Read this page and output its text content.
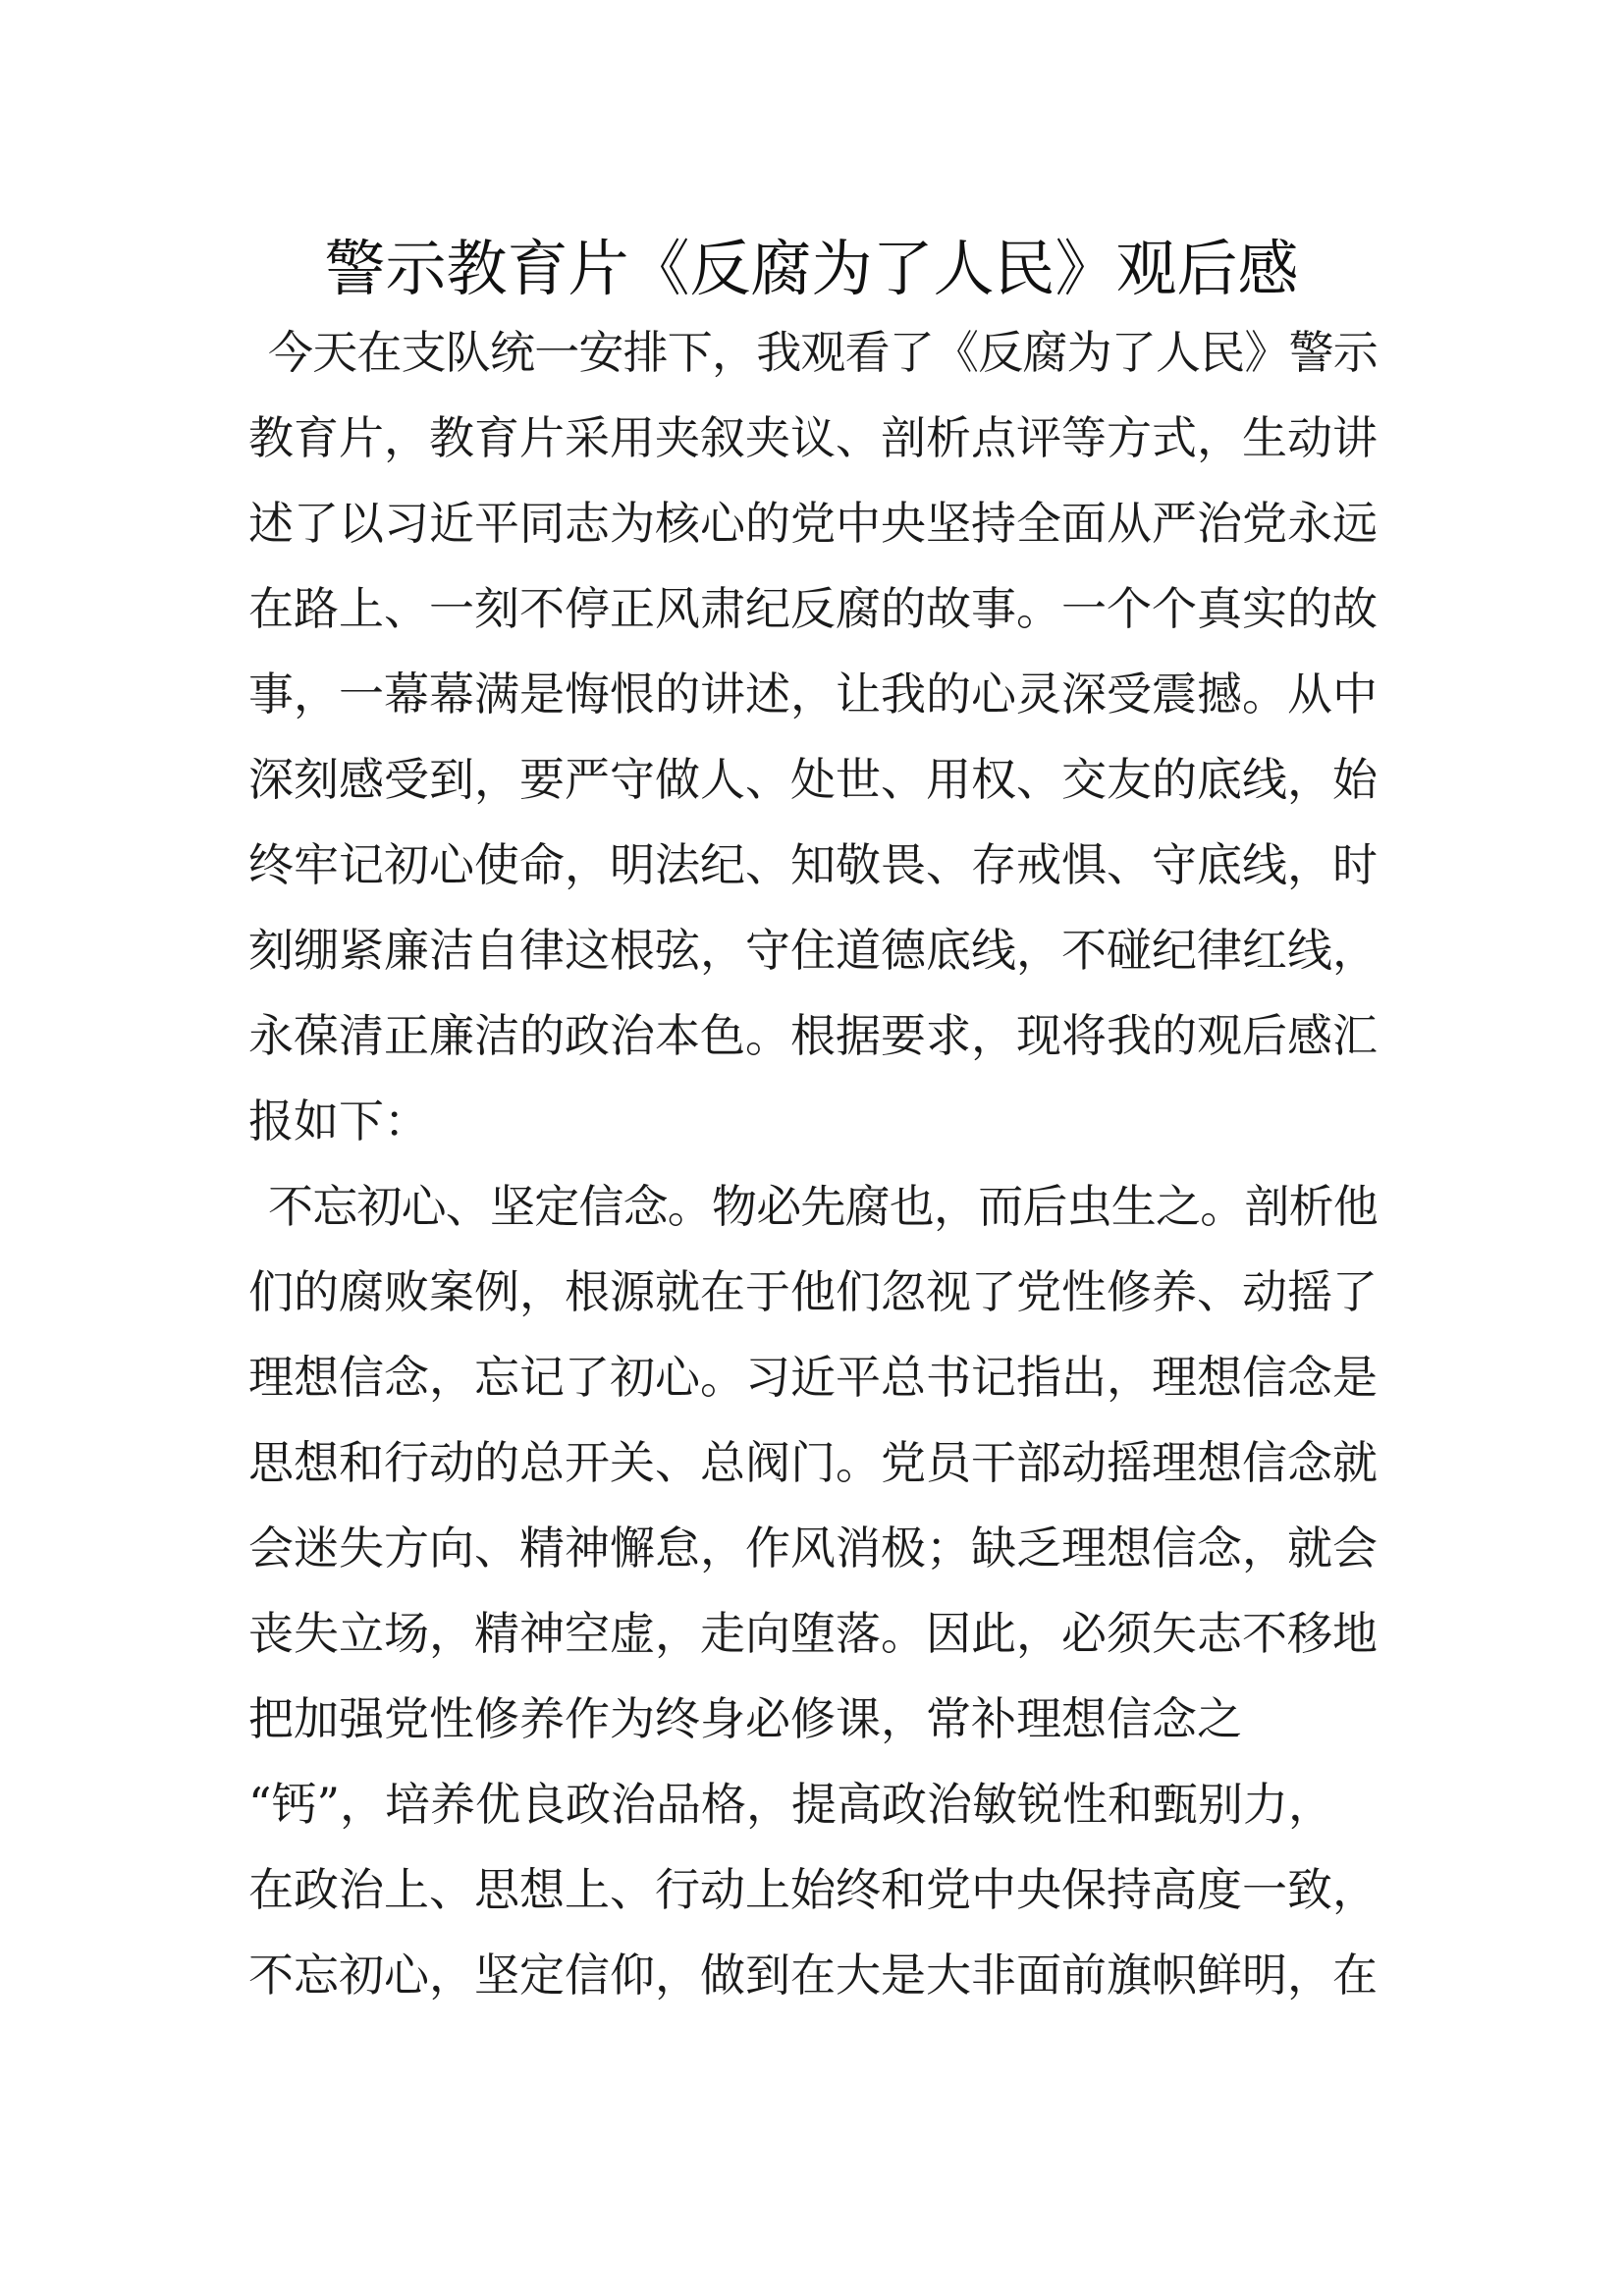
警示教育片《反腐为了人民》观后感

今天在支队统一安排下，我观看了《反腐为了人民》警示

教育片，教育片采用夹叙夹议、剖析点评等方式，生动讲

述了以习近平同志为核心的党中央坚持全面从严治党永远

在路上、一刻不停正风肃纪反腐的故事。一个个真实的故

事，一幕幕满是悔恨的讲述，让我的心灵深受震撼。从中

深刻感受到，要严守做人、处世、用权、交友的底线，始

终牢记初心使命，明法纪、知敬畏、存戒惧、守底线，时

刻绷紧廉洁自律这根弦，守住道德底线，不碰纪律红线，

永葆清正廉洁的政治本色。根据要求，现将我的观后感汇

报如下：

不忘初心、坚定信念。物必先腐也，而后虫生之。剖析他

们的腐败案例，根源就在于他们忽视了党性修养、动摇了

理想信念，忘记了初心。习近平总书记指出，理想信念是

思想和行动的总开关、总阀门。党员干部动摇理想信念就

会迷失方向、精神懈怠，作风消极；缺乏理想信念，就会

丧失立场，精神空虚，走向堕落。因此，必须矢志不移地

把加强党性修养作为终身必修课，常补理想信念之

“钙”，培养优良政治品格，提高政治敏锐性和甄别力，

在政治上、思想上、行动上始终和党中央保持高度一致，

不忘初心，坚定信仰，做到在大是大非面前旗帜鲜明，在
